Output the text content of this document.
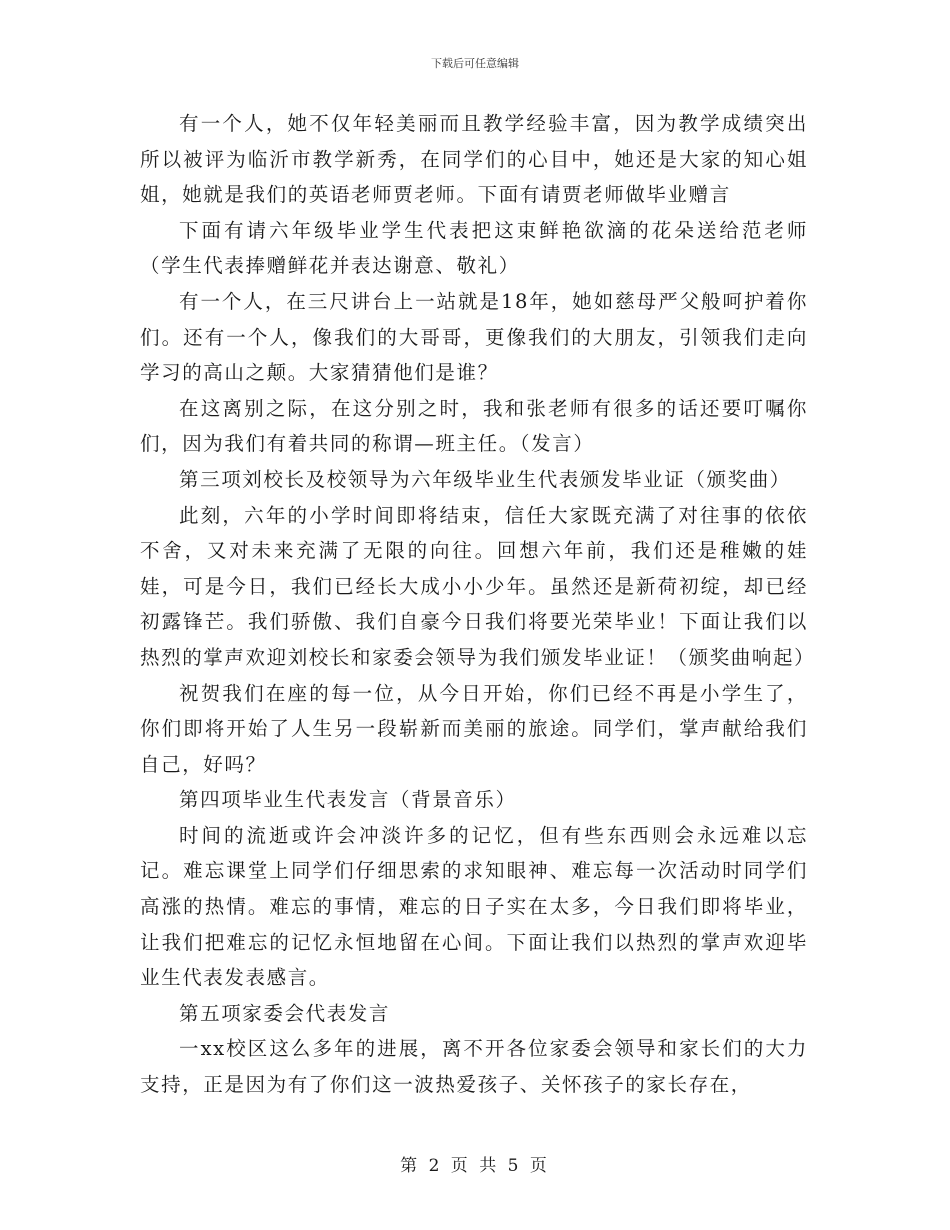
下载后可任意编辑

有一个人，她不仅年轻美丽而且教学经验丰富，因为教学成绩突出所以被评为临沂市教学新秀，在同学们的心目中，她还是大家的知心姐姐，她就是我们的英语老师贾老师。下面有请贾老师做毕业赠言

下面有请六年级毕业学生代表把这束鲜艳欲滴的花朵送给范老师（学生代表捧赠鲜花并表达谢意、敬礼）

有一个人，在三尺讲台上一站就是18年，她如慈母严父般呵护着你们。还有一个人，像我们的大哥哥，更像我们的大朋友，引领我们走向学习的高山之颠。大家猜猜他们是谁？

在这离别之际，在这分别之时，我和张老师有很多的话还要叮嘱你们，因为我们有着共同的称谓—班主任。（发言）

第三项刘校长及校领导为六年级毕业生代表颁发毕业证（颁奖曲）

此刻，六年的小学时间即将结束，信任大家既充满了对往事的依依不舍，又对未来充满了无限的向往。回想六年前，我们还是稚嫩的娃娃，可是今日，我们已经长大成小小少年。虽然还是新荷初绽，却已经初露锋芒。我们骄傲、我们自豪今日我们将要光荣毕业！下面让我们以热烈的掌声欢迎刘校长和家委会领导为我们颁发毕业证！（颁奖曲响起）

祝贺我们在座的每一位，从今日开始，你们已经不再是小学生了，你们即将开始了人生另一段崭新而美丽的旅途。同学们，掌声献给我们自己，好吗？

第四项毕业生代表发言（背景音乐）

时间的流逝或许会冲淡许多的记忆，但有些东西则会永远难以忘记。难忘课堂上同学们仔细思索的求知眼神、难忘每一次活动时同学们高涨的热情。难忘的事情，难忘的日子实在太多，今日我们即将毕业，让我们把难忘的记忆永恒地留在心间。下面让我们以热烈的掌声欢迎毕业生代表发表感言。

第五项家委会代表发言

一xx校区这么多年的进展，离不开各位家委会领导和家长们的大力支持，正是因为有了你们这一波热爱孩子、关怀孩子的家长存在，

第 2 页 共 5 页
